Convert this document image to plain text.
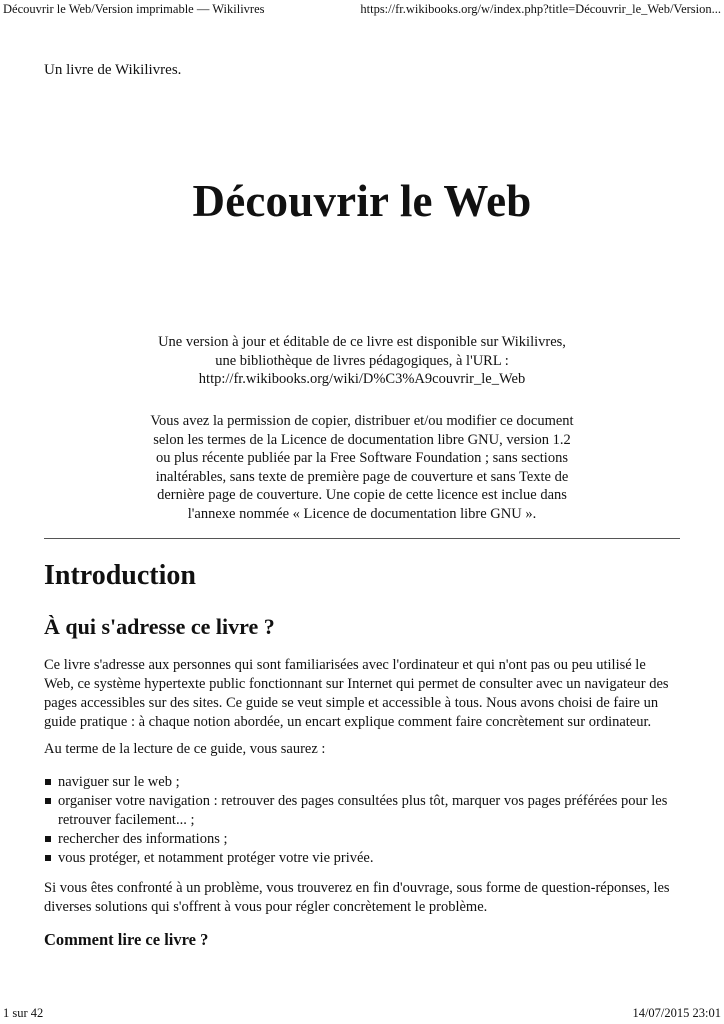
Découvrir le Web/Version imprimable — Wikilivres	https://fr.wikibooks.org/w/index.php?title=Découvrir_le_Web/Version...
Un livre de Wikilivres.
Découvrir le Web
Une version à jour et éditable de ce livre est disponible sur Wikilivres,
une bibliothèque de livres pédagogiques, à l'URL :
http://fr.wikibooks.org/wiki/D%C3%A9couvrir_le_Web
Vous avez la permission de copier, distribuer et/ou modifier ce document
selon les termes de la Licence de documentation libre GNU, version 1.2
ou plus récente publiée par la Free Software Foundation ; sans sections
inaltérables, sans texte de première page de couverture et sans Texte de
dernière page de couverture. Une copie de cette licence est inclue dans
l'annexe nommée « Licence de documentation libre GNU ».
Introduction
À qui s'adresse ce livre ?
Ce livre s'adresse aux personnes qui sont familiarisées avec l'ordinateur et qui n'ont pas ou peu utilisé le
Web, ce système hypertexte public fonctionnant sur Internet qui permet de consulter avec un navigateur des
pages accessibles sur des sites. Ce guide se veut simple et accessible à tous. Nous avons choisi de faire un
guide pratique : à chaque notion abordée, un encart explique comment faire concrètement sur ordinateur.
Au terme de la lecture de ce guide, vous saurez :
naviguer sur le web ;
organiser votre navigation : retrouver des pages consultées plus tôt, marquer vos pages préférées pour les
retrouver facilement... ;
rechercher des informations ;
vous protéger, et notamment protéger votre vie privée.
Si vous êtes confronté à un problème, vous trouverez en fin d'ouvrage, sous forme de question-réponses, les
diverses solutions qui s'offrent à vous pour régler concrètement le problème.
Comment lire ce livre ?
1 sur 42	14/07/2015 23:01
